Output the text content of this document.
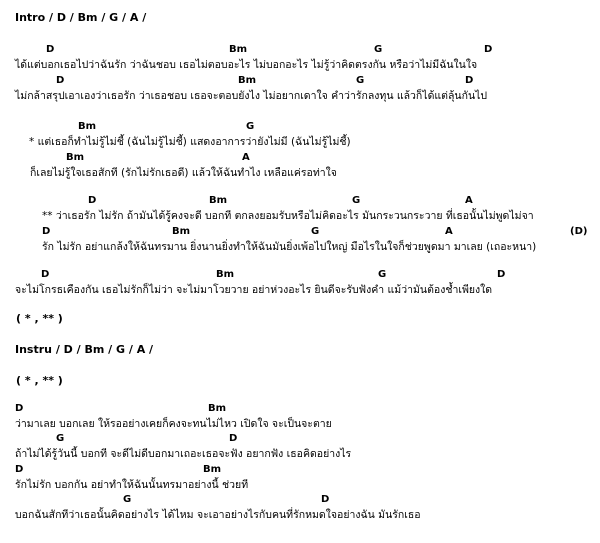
Intro / D / Bm / G / A /
D	Bm	G	D
ได้แต่บอกเธอไปว่าฉันรัก ว่าฉันชอบ เธอไม่ตอบอะไร ไม่บอกอะไร ไม่รู้ว่าคิดตรงกัน หรือว่าไม่มีฉันในใจ
D	Bm	G	D
ไม่กล้าสรุปเอาเองว่าเธอรัก ว่าเธอชอบ เธอจะตอบยังไง ไม่อยากเดาใจ คำว่ารักลงทุน แล้วก็ได้แต่ลุ้นกันไป
Bm	G
* แต่เธอก็ทำไม่รู้ไม่ชี้ (ฉันไม่รู้ไม่ชี้) แสดงอาการว่ายังไม่มี (ฉันไม่รู้ไม่ชี้)
Bm	A
ก็เลยไม่รู้ใจเธอสักที (รักไม่รักเธอดี) แล้วให้ฉันทำไง เหลือแค่รอท่าใจ
D	Bm	G	A
** ว่าเธอรัก ไม่รัก ถ้ามันได้รู้คงจะดี บอกที ตกลงยอมรับหรือไม่คิดอะไร มันกระวนกระวาย ที่เธอนั้นไม่พูดไม่จา
D	Bm	G	A	(D)
รัก ไม่รัก อย่าแกล้งให้ฉันทรมาน ยิ่งนานยิ่งทำให้ฉันมันยิ่งเพ้อไปใหญ่ มือไรในใจก็ช่วยพูดมา มาเลย (เถอะหนา)
D	Bm	G	D
จะไม่โกรธเคืองกัน เธอไม่รักก็ไม่ว่า จะไม่มาโวยวาย อย่าห่วงอะไร ยินดีจะรับฟังคำ แม้ว่ามันต้องช้ำเพียงใด
( * , ** )
Instru / D / Bm / G / A /
( * , ** )
D	Bm
ว่ามาเลย บอกเลย ให้รออย่างเคยก็คงจะทนไม่ไหว เปิดใจ จะเป็นจะตาย
G	D
ถ้าไม่ได้รู้วันนี้ บอกที จะดีไม่ดีบอกมาเถอะเธอจะฟัง อยากฟัง เธอคิดอย่างไร
D	Bm
รักไม่รัก บอกกัน อย่าทำให้ฉันนั้นทรมาอย่างนี้ ช่วยที
G	D
บอกฉันสักทีว่าเธอนั้นคิดอย่างไร ได้ไหม จะเอาอย่างไรกับคนที่รักหมดใจอย่างฉัน มันรักเธอ
